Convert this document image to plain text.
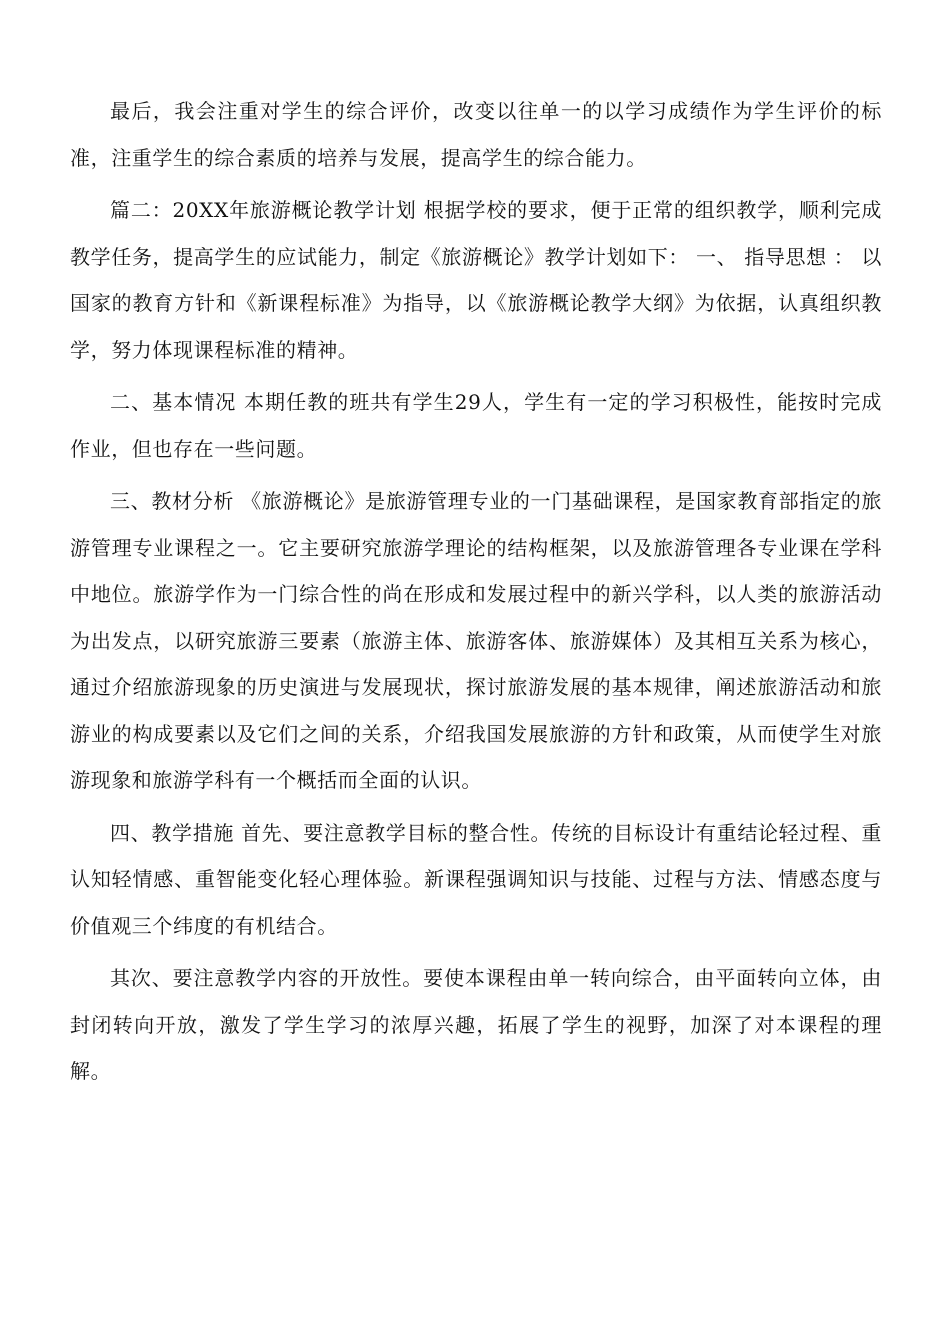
最后，我会注重对学生的综合评价，改变以往单一的以学习成绩作为学生评价的标准，注重学生的综合素质的培养与发展，提高学生的综合能力。

篇二：20XX年旅游概论教学计划 根据学校的要求，便于正常的组织教学，顺利完成教学任务，提高学生的应试能力，制定《旅游概论》教学计划如下： 一、 指导思想 ： 以国家的教育方针和《新课程标准》为指导，以《旅游概论教学大纲》为依据，认真组织教学，努力体现课程标准的精神。

二、基本情况 本期任教的班共有学生29人，学生有一定的学习积极性，能按时完成作业，但也存在一些问题。

三、教材分析 《旅游概论》是旅游管理专业的一门基础课程，是国家教育部指定的旅游管理专业课程之一。它主要研究旅游学理论的结构框架，以及旅游管理各专业课在学科中地位。旅游学作为一门综合性的尚在形成和发展过程中的新兴学科，以人类的旅游活动为出发点，以研究旅游三要素（旅游主体、旅游客体、旅游媒体）及其相互关系为核心，通过介绍旅游现象的历史演进与发展现状，探讨旅游发展的基本规律，阐述旅游活动和旅游业的构成要素以及它们之间的关系，介绍我国发展旅游的方针和政策，从而使学生对旅游现象和旅游学科有一个概括而全面的认识。

四、教学措施 首先、要注意教学目标的整合性。传统的目标设计有重结论轻过程、重认知轻情感、重智能变化轻心理体验。新课程强调知识与技能、过程与方法、情感态度与价值观三个纬度的有机结合。

其次、要注意教学内容的开放性。要使本课程由单一转向综合，由平面转向立体，由封闭转向开放，激发了学生学习的浓厚兴趣，拓展了学生的视野，加深了对本课程的理解。
